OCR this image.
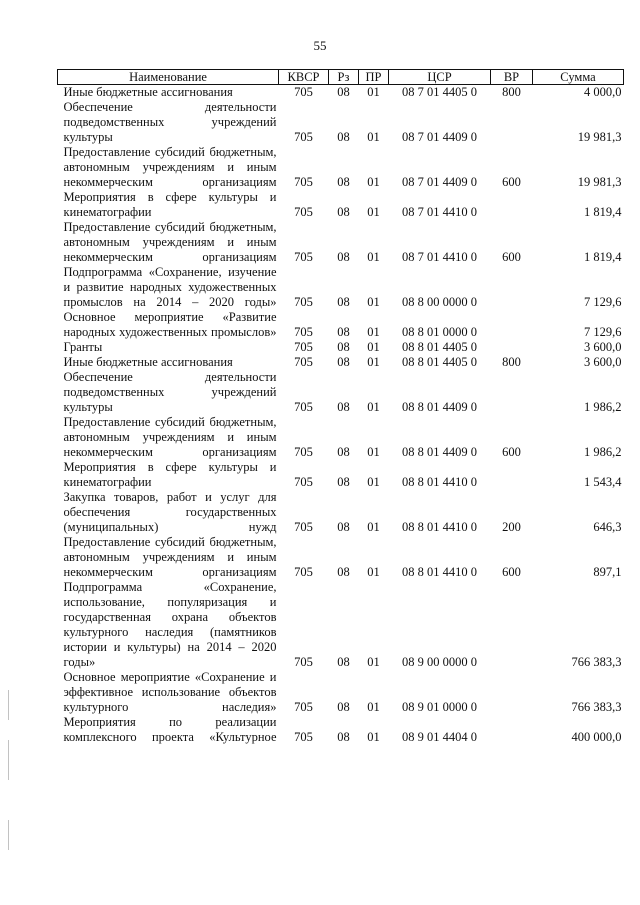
55
Наименование	КВСР	Рз	ПР	ЦСР	ВР	Сумма
Иные бюджетные ассигнования	705	08	01	08 7 01 4405 0	800	4 000,0
Обеспечение деятельности подведомственных учреждений культуры	705	08	01	08 7 01 4409 0		19 981,3
Предоставление субсидий бюджетным, автономным учреждениям и иным некоммерческим организациям	705	08	01	08 7 01 4409 0	600	19 981,3
Мероприятия в сфере культуры и кинематографии	705	08	01	08 7 01 4410 0		1 819,4
Предоставление субсидий бюджетным, автономным учреждениям и иным некоммерческим организациям	705	08	01	08 7 01 4410 0	600	1 819,4
Подпрограмма «Сохранение, изучение и развитие народных художественных промыслов на 2014 – 2020 годы»	705	08	01	08 8 00 0000 0		7 129,6
Основное мероприятие «Развитие народных художественных промыслов»	705	08	01	08 8 01 0000 0		7 129,6
Гранты	705	08	01	08 8 01 4405 0		3 600,0
Иные бюджетные ассигнования	705	08	01	08 8 01 4405 0	800	3 600,0
Обеспечение деятельности подведомственных учреждений культуры	705	08	01	08 8 01 4409 0		1 986,2
Предоставление субсидий бюджетным, автономным учреждениям и иным некоммерческим организациям	705	08	01	08 8 01 4409 0	600	1 986,2
Мероприятия в сфере культуры и кинематографии	705	08	01	08 8 01 4410 0		1 543,4
Закупка товаров, работ и услуг для обеспечения государственных (муниципальных) нужд	705	08	01	08 8 01 4410 0	200	646,3
Предоставление субсидий бюджетным, автономным учреждениям и иным некоммерческим организациям	705	08	01	08 8 01 4410 0	600	897,1
Подпрограмма «Сохранение, использование, популяризация и государственная охрана объектов культурного наследия (памятников истории и культуры) на 2014 – 2020 годы»	705	08	01	08 9 00 0000 0		766 383,3
Основное мероприятие «Сохранение и эффективное использование объектов культурного наследия»	705	08	01	08 9 01 0000 0		766 383,3
Мероприятия по реализации комплексного проекта «Культурное	705	08	01	08 9 01 4404 0		400 000,0
